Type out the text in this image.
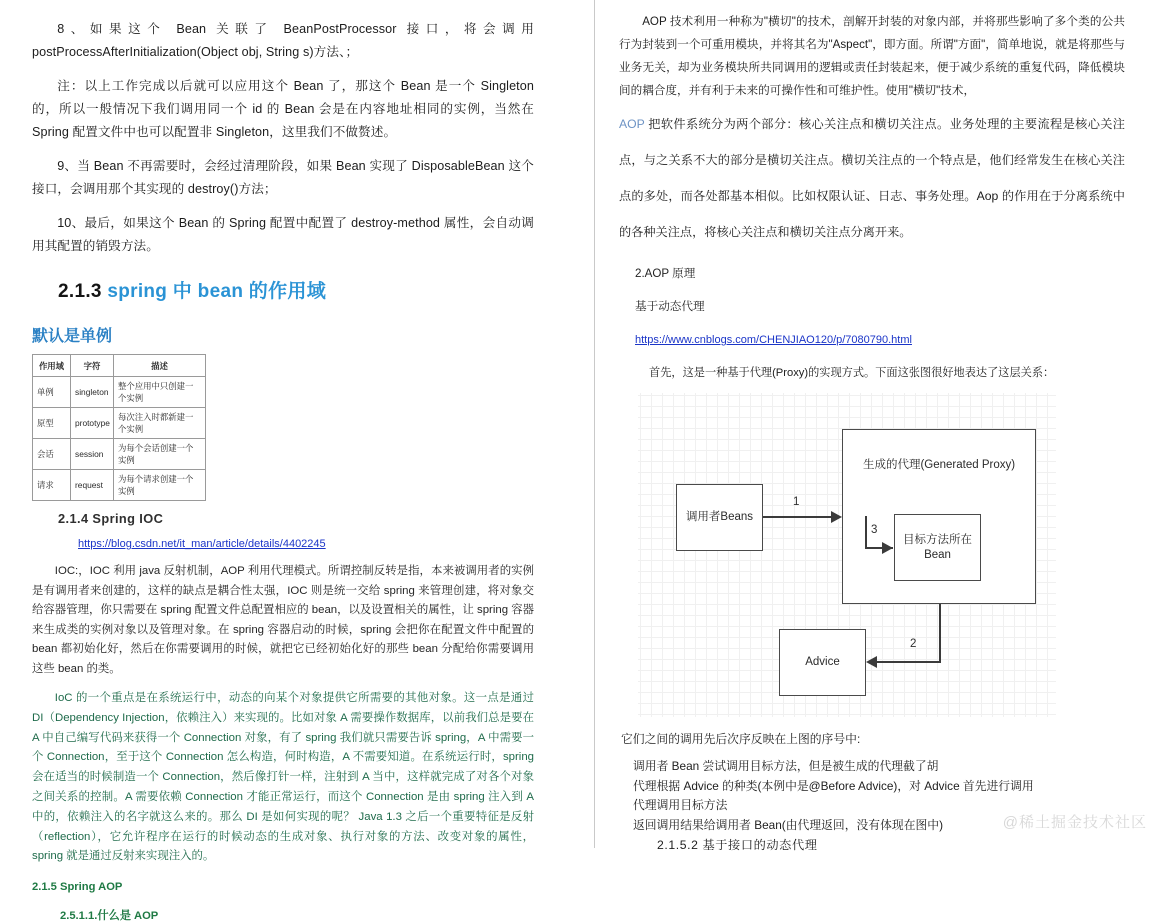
8、如果这个 Bean 关联了 BeanPostProcessor 接口，将会调用 postProcessAfterInitialization(Object obj, String s)方法、；

注：以上工作完成以后就可以应用这个 Bean 了，那这个 Bean 是一个 Singleton 的，所以一般情况下我们调用同一个 id 的 Bean 会是在内容地址相同的实例，当然在 Spring 配置文件中也可以配置非 Singleton，这里我们不做赘述。

9、当 Bean 不再需要时，会经过清理阶段，如果 Bean 实现了 DisposableBean 这个接口，会调用那个其实现的 destroy()方法；

10、最后，如果这个 Bean 的 Spring 配置中配置了 destroy-method 属性，会自动调用其配置的销毁方法。

2.1.3 spring 中 bean 的作用域
默认是单例
作用域	字符	描述
单例	singleton	整个应用中只创建一个实例
原型	prototype	每次注入时都新建一个实例
会话	session	为每个会话创建一个实例
请求	request	为每个请求创建一个实例
2.1.4 Spring IOC
https://blog.csdn.net/it_man/article/details/4402245

IOC:，IOC 利用 java 反射机制，AOP 利用代理模式。所谓控制反转是指，本来被调用者的实例是有调用者来创建的，这样的缺点是耦合性太强，IOC 则是统一交给 spring 来管理创建，将对象交给容器管理，你只需要在 spring 配置文件总配置相应的 bean，以及设置相关的属性，让 spring 容器来生成类的实例对象以及管理对象。在 spring 容器启动的时候，spring 会把你在配置文件中配置的 bean 都初始化好，然后在你需要调用的时候，就把它已经初始化好的那些 bean 分配给你需要调用这些 bean 的类。

IoC 的一个重点是在系统运行中，动态的向某个对象提供它所需要的其他对象。这一点是通过 DI（Dependency Injection，依赖注入）来实现的。比如对象 A 需要操作数据库，以前我们总是要在 A 中自己编写代码来获得一个 Connection 对象，有了 spring 我们就只需要告诉 spring，A 中需要一个 Connection，至于这个 Connection 怎么构造，何时构造，A 不需要知道。在系统运行时，spring 会在适当的时候制造一个 Connection，然后像打针一样，注射到 A 当中，这样就完成了对各个对象之间关系的控制。A 需要依赖 Connection 才能正常运行，而这个 Connection 是由 spring 注入到 A 中的，依赖注入的名字就这么来的。那么 DI 是如何实现的呢？ Java 1.3 之后一个重要特征是反射（reflection），它允许程序在运行的时候动态的生成对象、执行对象的方法、改变对象的属性，spring 就是通过反射来实现注入的。

2.1.5 Spring AOP
2.5.1.1.什么是 AOP

AOP 技术利用一种称为"横切"的技术，剖解开封装的对象内部，并将那些影响了多个类的公共行为封装到一个可重用模块，并将其名为"Aspect"，即方面。所谓"方面"，简单地说，就是将那些与业务无关，却为业务模块所共同调用的逻辑或责任封装起来，便于减少系统的重复代码，降低模块间的耦合度，并有利于未来的可操作性和可维护性。使用"横切"技术，

AOP 把软件系统分为两个部分：核心关注点和横切关注点。业务处理的主要流程是核心关注点，与之关系不大的部分是横切关注点。横切关注点的一个特点是，他们经常发生在核心关注点的多处，而各处都基本相似。比如权限认证、日志、事务处理。Aop 的作用在于分离系统中的各种关注点，将核心关注点和横切关注点分离开来。

2.AOP 原理

基于动态代理

https://www.cnblogs.com/CHENJIAO120/p/7080790.html

首先，这是一种基于代理(Proxy)的实现方式。下面这张图很好地表达了这层关系：

生成的代理(Generated Proxy)
调用者Beans
目标方法所在
Bean
Advice
1
3
2

它们之间的调用先后次序反映在上图的序号中:

调用者 Bean 尝试调用目标方法，但是被生成的代理截了胡
代理根据 Advice 的种类(本例中是@Before Advice)，对 Advice 首先进行调用
代理调用目标方法
返回调用结果给调用者 Bean(由代理返回，没有体现在图中)

2.1.5.2 基于接口的动态代理

@稀土掘金技术社区
